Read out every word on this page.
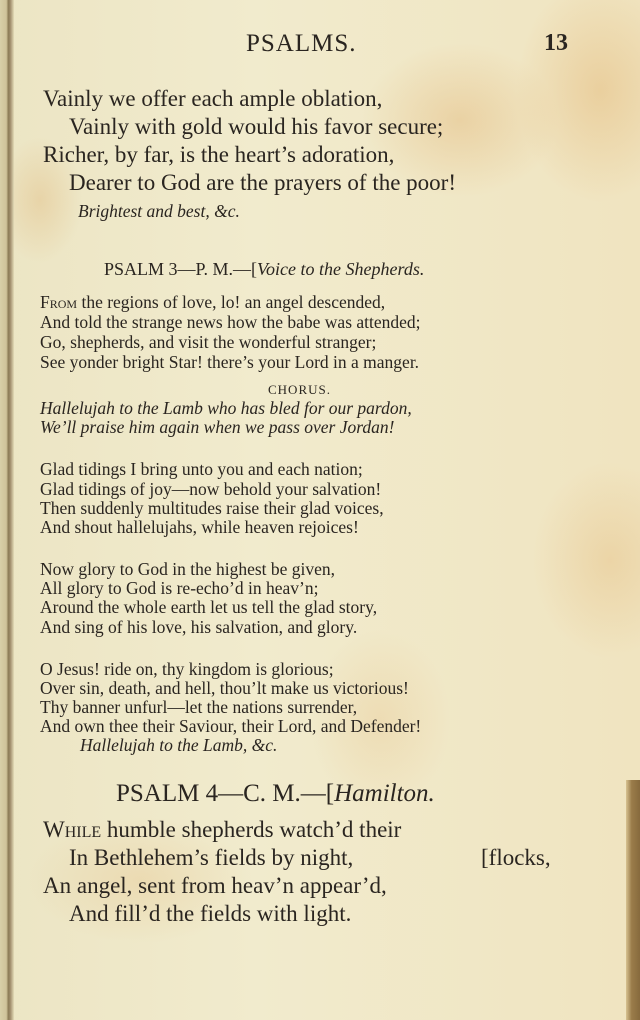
PSALMS.	13
Vainly we offer each ample oblation,
Vainly with gold would his favor secure;
Richer, by far, is the heart’s adoration,
Dearer to God are the prayers of the poor!
Brightest and best, &c.
PSALM 3—P. M.—[Voice to the Shepherds.
From the regions of love, lo! an angel descended,
And told the strange news how the babe was attended;
Go, shepherds, and visit the wonderful stranger;
See yonder bright Star! there’s your Lord in a manger.
CHORUS.
Hallelujah to the Lamb who has bled for our pardon,
We’ll praise him again when we pass over Jordan!
Glad tidings I bring unto you and each nation;
Glad tidings of joy—now behold your salvation!
Then suddenly multitudes raise their glad voices,
And shout hallelujahs, while heaven rejoices!
Now glory to God in the highest be given,
All glory to God is re-echo’d in heav’n;
Around the whole earth let us tell the glad story,
And sing of his love, his salvation, and glory.
O Jesus! ride on, thy kingdom is glorious;
Over sin, death, and hell, thou’lt make us victorious!
Thy banner unfurl—let the nations surrender,
And own thee their Saviour, their Lord, and Defender!
Hallelujah to the Lamb, &c.
PSALM 4—C. M.—[Hamilton.
While humble shepherds watch’d their
In Bethlehem’s fields by night,	[flocks,
An angel, sent from heav’n appear’d,
And fill’d the fields with light.
